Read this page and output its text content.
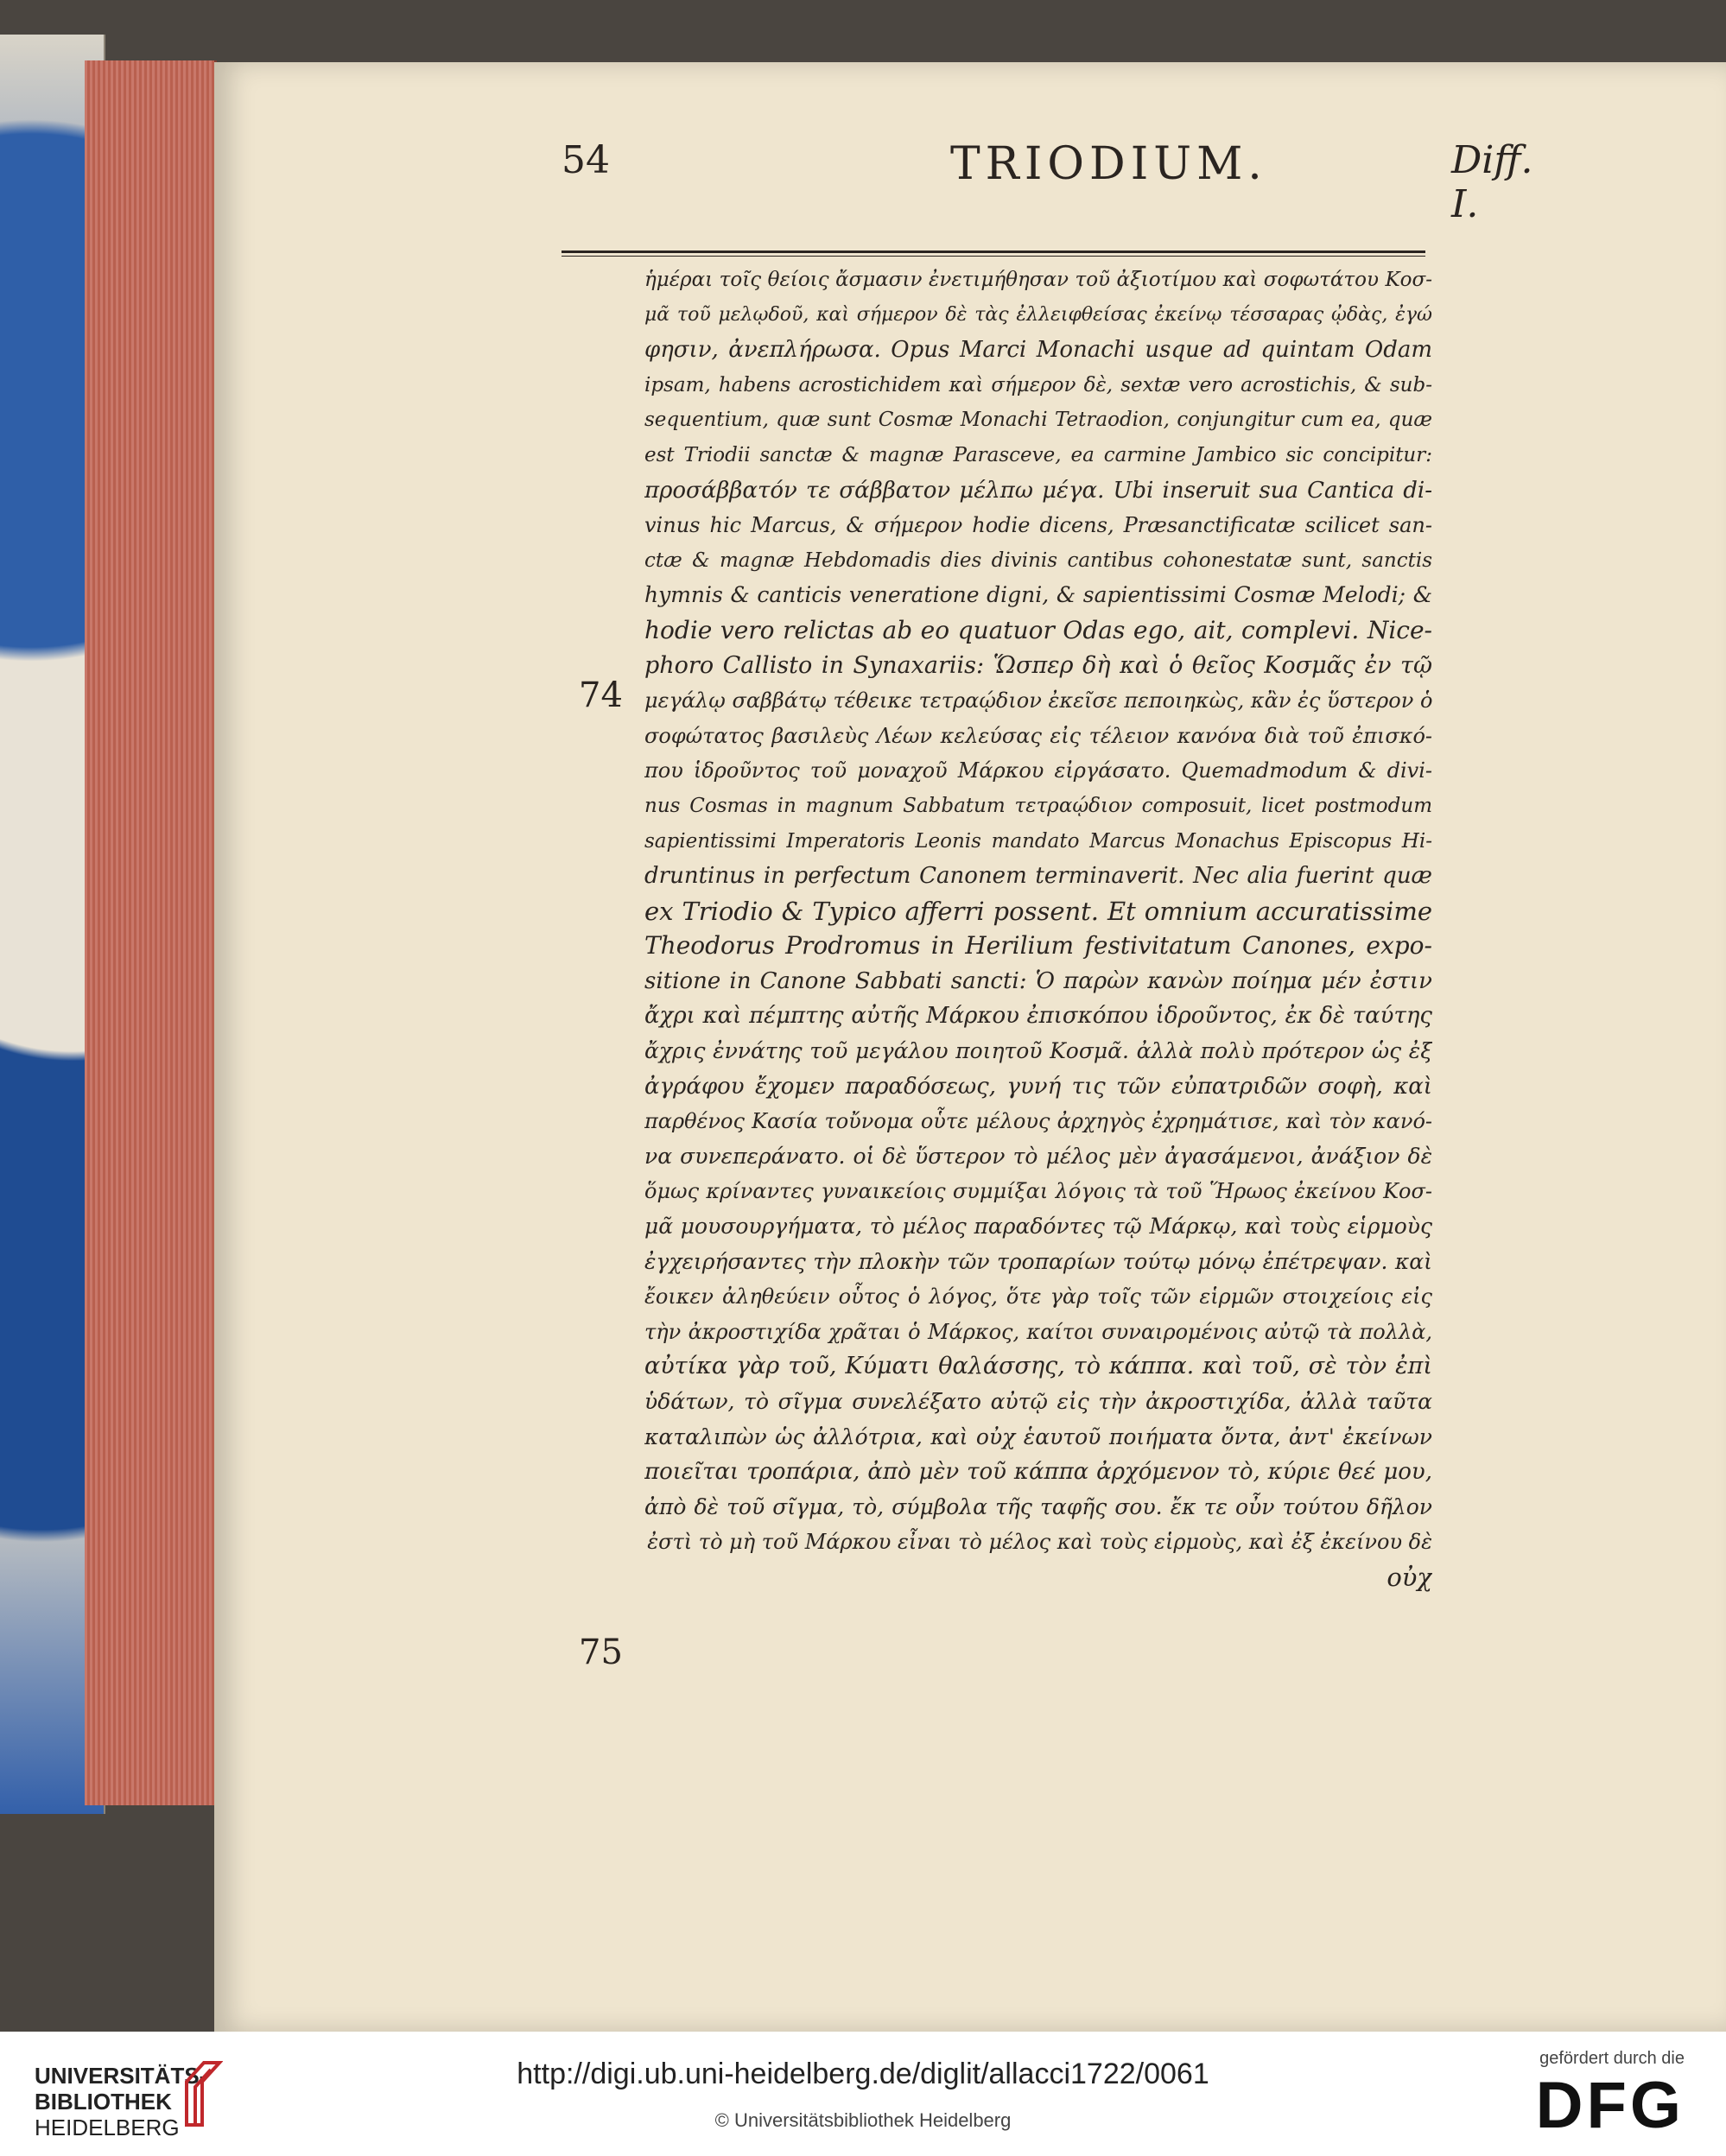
54	TRIODIUM.	Diff. I.
74
75
ἡμέραι τοῖς θείοις ἄσμασιν ἐνετιμήθησαν τοῦ ἀξιοτίμου καὶ σοφωτάτου Κοσ-
μᾶ τοῦ μελῳδοῦ, καὶ σήμερον δὲ τὰς ἐλλειφθείσας ἐκείνῳ τέσσαρας ᾠδὰς, ἐγώ
φησιν, ἀνεπλήρωσα. Opus Marci Monachi usque ad quintam Odam
ipsam, habens acrostichidem καὶ σήμερον δὲ, sextæ vero acrostichis, & sub-
sequentium, quæ sunt Cosmæ Monachi Tetraodion, conjungitur cum ea, quæ
est Triodii sanctæ & magnæ Parasceve, ea carmine Jambico sic concipitur:
προσάββατόν τε σάββατον μέλπω μέγα. Ubi inseruit sua Cantica di-
vinus hic Marcus, & σήμερον hodie dicens, Præsanctificatæ scilicet san-
ctæ & magnæ Hebdomadis dies divinis cantibus cohonestatæ sunt, sanctis
hymnis & canticis veneratione digni, & sapientissimi Cosmæ Melodi; &
hodie vero relictas ab eo quatuor Odas ego, ait, complevi. Nice-
phoro Callisto in Synaxariis: Ὥσπερ δὴ καὶ ὁ θεῖος Κοσμᾶς ἐν τῷ
μεγάλῳ σαββάτῳ τέθεικε τετραῴδιον ἐκεῖσε πεποιηκὼς, κἂν ἐς ὕστερον ὁ
σοφώτατος βασιλεὺς Λέων κελεύσας εἰς τέλειον κανόνα διὰ τοῦ ἐπισκό-
που ἱδροῦντος τοῦ μοναχοῦ Μάρκου εἰργάσατο. Quemadmodum & divi-
nus Cosmas in magnum Sabbatum τετραῴδιον composuit, licet postmodum
sapientissimi Imperatoris Leonis mandato Marcus Monachus Episcopus Hi-
druntinus in perfectum Canonem terminaverit. Nec alia fuerint quæ
ex Triodio & Typico afferri possent. Et omnium accuratissime
Theodorus Prodromus in Herilium festivitatum Canones, expo-
sitione in Canone Sabbati sancti: Ὁ παρὼν κανὼν ποίημα μέν ἐστιν
ἄχρι καὶ πέμπτης αὐτῆς Μάρκου ἐπισκόπου ἱδροῦντος, ἐκ δὲ ταύτης
ἄχρις ἐννάτης τοῦ μεγάλου ποιητοῦ Κοσμᾶ. ἀλλὰ πολὺ πρότερον ὡς ἐξ
ἀγράφου ἔχομεν παραδόσεως, γυνή τις τῶν εὐπατριδῶν σοφὴ, καὶ
παρθένος Κασία τοὔνομα οὗτε μέλους ἀρχηγὸς ἐχρημάτισε, καὶ τὸν κανό-
να συνεπεράνατο. οἱ δὲ ὕστερον τὸ μέλος μὲν ἀγασάμενοι, ἀνάξιον δὲ
ὅμως κρίναντες γυναικείοις συμμίξαι λόγοις τὰ τοῦ Ἥρωος ἐκείνου Κοσ-
μᾶ μουσουργήματα, τὸ μέλος παραδόντες τῷ Μάρκῳ, καὶ τοὺς εἱρμοὺς
ἐγχειρήσαντες τὴν πλοκὴν τῶν τροπαρίων τούτῳ μόνῳ ἐπέτρεψαν. καὶ
ἔοικεν ἀληθεύειν οὗτος ὁ λόγος, ὅτε γὰρ τοῖς τῶν εἱρμῶν στοιχείοις εἰς
τὴν ἀκροστιχίδα χρᾶται ὁ Μάρκος, καίτοι συναιρομένοις αὐτῷ τὰ πολλὰ,
αὐτίκα γὰρ τοῦ, Κύματι θαλάσσης, τὸ κάππα. καὶ τοῦ, σὲ τὸν ἐπὶ
ὑδάτων, τὸ σῖγμα συνελέξατο αὐτῷ εἰς τὴν ἀκροστιχίδα, ἀλλὰ ταῦτα
καταλιπὼν ὡς ἀλλότρια, καὶ οὐχ ἑαυτοῦ ποιήματα ὄντα, ἀντ' ἐκείνων
ποιεῖται τροπάρια, ἀπὸ μὲν τοῦ κάππα ἀρχόμενον τὸ, κύριε θεέ μου,
ἀπὸ δὲ τοῦ σῖγμα, τὸ, σύμβολα τῆς ταφῆς σου. ἔκ τε οὖν τούτου δῆλον
ἐστὶ τὸ μὴ τοῦ Μάρκου εἶναι τὸ μέλος καὶ τοὺς εἱρμοὺς, καὶ ἐξ ἐκείνου δὲ
οὐχ
UNIVERSITÄTS-
BIBLIOTHEK
HEIDELBERG
http://digi.ub.uni-heidelberg.de/diglit/allacci1722/0061
© Universitätsbibliothek Heidelberg
gefördert durch die
DFG
